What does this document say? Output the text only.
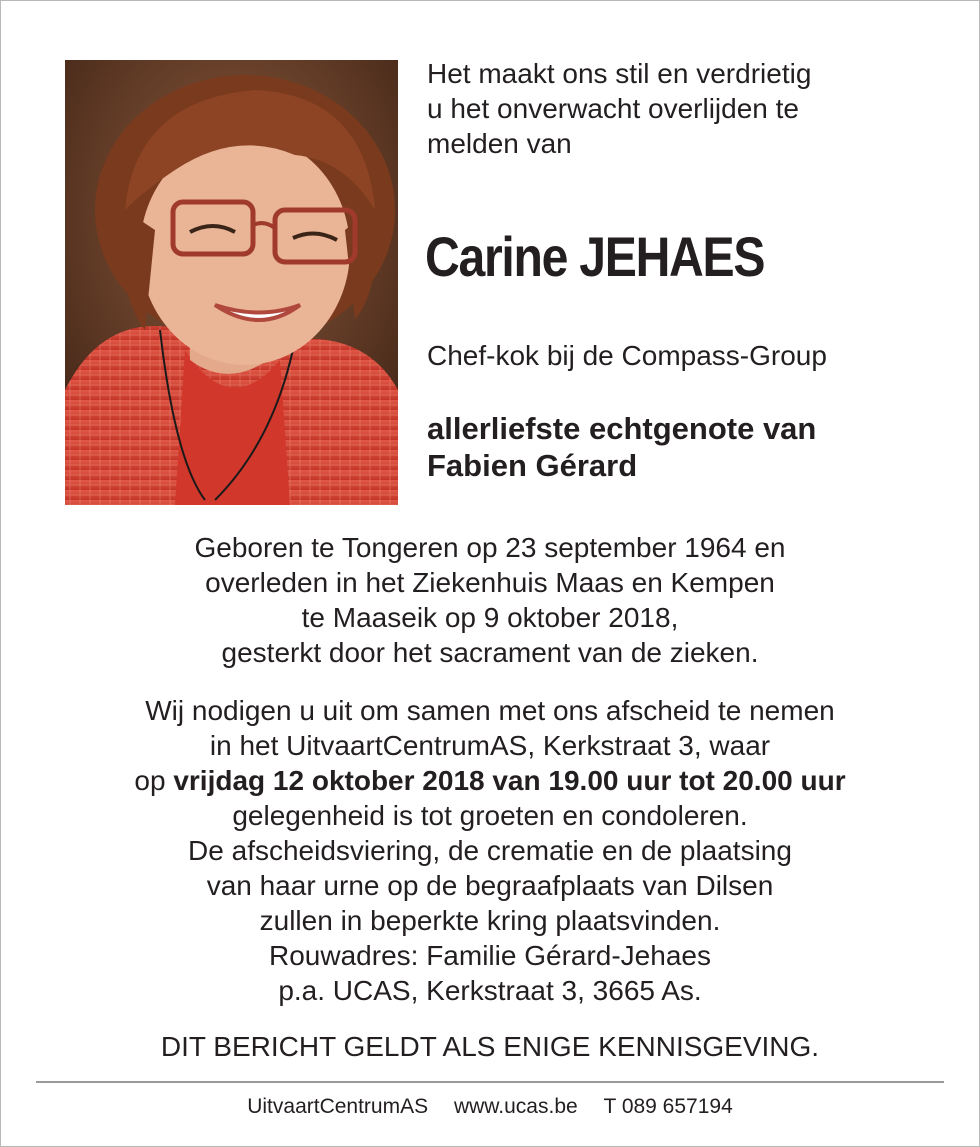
Het maakt ons stil en verdrietig
u het onverwacht overlijden te
melden van
Carine JEHAES
Chef-kok bij de Compass-Group
allerliefste echtgenote van
Fabien Gérard
Geboren te Tongeren op 23 september 1964 en
overleden in het Ziekenhuis Maas en Kempen
te Maaseik op 9 oktober 2018,
gesterkt door het sacrament van de zieken.
Wij nodigen u uit om samen met ons afscheid te nemen
in het UitvaartCentrumAS, Kerkstraat 3, waar
op vrijdag 12 oktober 2018 van 19.00 uur tot 20.00 uur
gelegenheid is tot groeten en condoleren.
De afscheidsviering, de crematie en de plaatsing
van haar urne op de begraafplaats van Dilsen
zullen in beperkte kring plaatsvinden.
Rouwadres: Familie Gérard-Jehaes
p.a. UCAS, Kerkstraat 3, 3665 As.
DIT BERICHT GELDT ALS ENIGE KENNISGEVING.
UitvaartCentrumAS www.ucas.be T 089 657194
